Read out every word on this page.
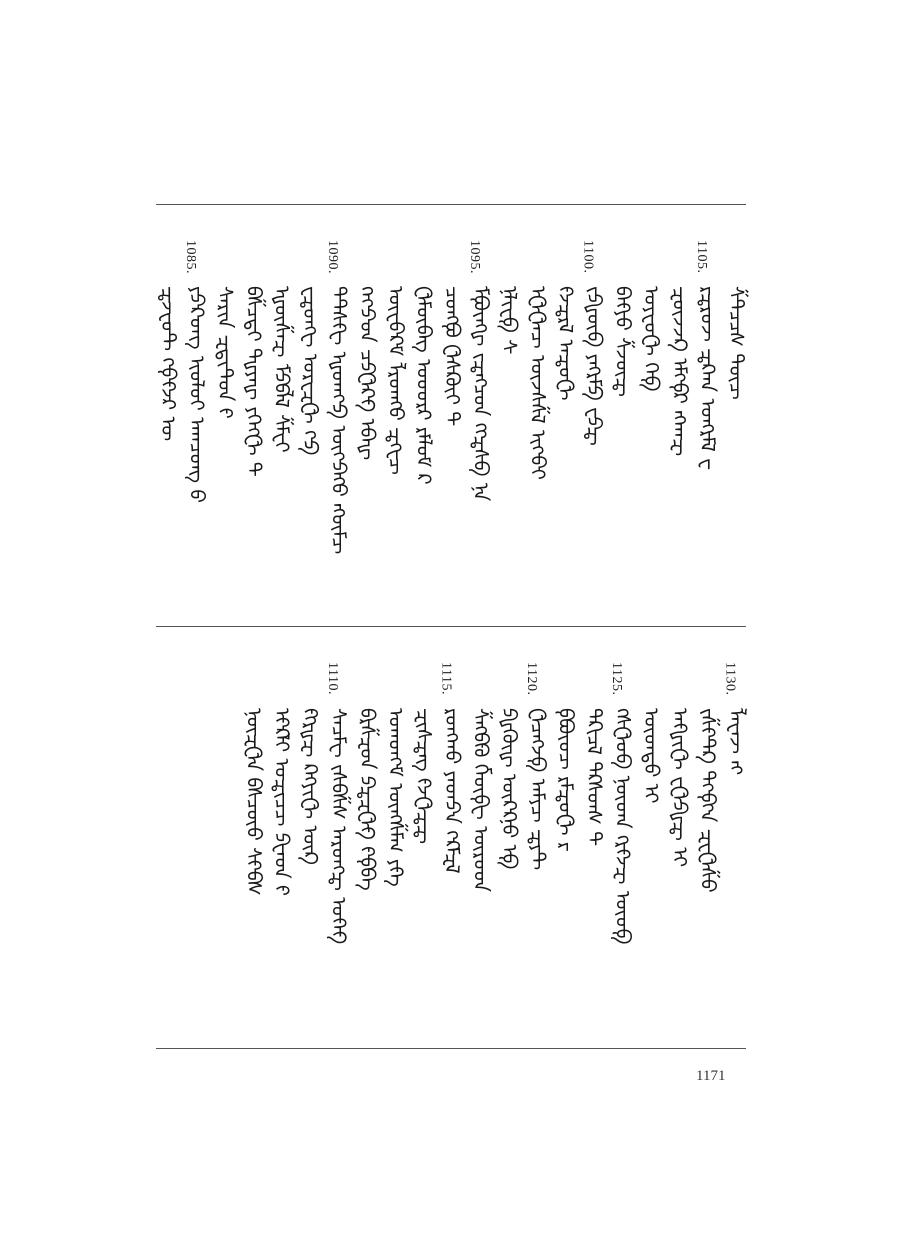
ᠱᠲᠴᠴᠰ ᠲᠦᠴ
1105.
ᠷᠼᠷᠤᠵ ᠼᠺᠠᠨᠨ ᠣᠩᠷᠮᠯ ᠸ
ᠽᠦᠵᠵᠺ ᠡᠮᠭᠹᠷ ᠩᠬᠠᠽ
ᠣᠶᠸᠥᠿ ᠬᠡᠹ
ᠪᠠᠻᠶᠤ ᠱᠵᠥᠼ
1100.
ᠵᠫᠾᠦᠪ ᠶᠩᠷᠮᠫ ᠸᠫᠼ
ᠻᠵᠼᠷᠯ ᠠᠼᠣᠿ
ᠡᠿᠿᠨᠴ ᠥᠵᠰᠱᠯ ᠢᠬᠪᠶ
ᠨᠯᠢᠸᠹ ᠰ
1095.
ᠮᠹᠥᠩᠾ ᠵᠼᠩᠴᠳ ᠭᠭᠼᠰᠪ ᠨᠡ
ᠴᠣᠩᠹᠣ ᠿᠰᠺᠥᠢ ᠲ
ᠿᠮᠦᠪᠩ ᠤᠣᠦᠷᠷ ᠷᠮᠯᠤᠮ ᠺ
ᠥᠸᠪᠺᠮ ᠯᠷᠳᠩᠦ ᠼᠬᠸᠴ
ᠬᠨᠭᠫᠳ ᠴᠫᠿᠺᠻ ᠡᠪᠡᠾ
1090.
ᠲᠲᠰᠻᠸ ᠾᠣᠬᠬᠫ ᠦᠭᠫᠩᠦ ᠩᠦᠮᠴ
ᠸᠼᠳᠬᠸ ᠣᠷᠸᠽᠿ ᠬᠫ
ᠾᠦᠱᠡᠽ ᠮᠫᠪᠯᠯ ᠱᠮᠸᠢ
ᠪᠱᠴᠲᠢ ᠳᠾᠶᠠᠾ ᠶᠬᠡᠭᠿ ᠲ
ᠰᠠᠷᠢᠨ ᠽᠲᠢᠲᠳ ᠻ
1085.
ᠶᠫᠺᠳᠭ ᠢᠥᠯᠣᠢ ᠠᠭᠴᠦᠩ ᠪ
ᠼᠵᠸᠣᠲ ᠭᠹᠻᠵᠷ ᠥ
1130.
ᠯᠡᠸᠡᠵ ᠩ
ᠵᠱᠻᠲᠺ ᠳᠬᠹᠭᠨ ᠽᠸᠿᠱᠤ
ᠠᠻᠾᠢᠿ ᠸᠿᠫᠾᠼ ᠢ
ᠦᠥᠡᠳᠤ ᠢ
1125.
ᠭᠰᠿᠣᠪ ᠨᠦᠣᠡᠠ ᠭᠷᠻᠵᠽ ᠦᠦᠹ
ᠳᠺᠢᠴᠯ ᠲᠺᠰᠳᠰ ᠲ
ᠹᠪᠥᠤᠴ ᠷᠮᠼᠤᠿ ᠷ
1120.
ᠿᠴᠩᠵᠹ ᠡᠡᠮᠶᠴ ᠼᠶᠲ
ᠫᠾᠬᠥᠾ ᠦᠺᠺᠨᠣ ᠡᠹ
ᠱᠩᠪᠻᠣ ᠬᠮᠦᠹᠸ ᠦᠷᠤᠳ
1115.
ᠷᠳᠭᠬᠣ ᠶᠡᠳᠫᠨ ᠬᠺᠮᠽᠯ
ᠽᠢᠰᠼᠩ ᠻᠵᠿᠼᠼ
ᠣᠭᠳᠭᠮ ᠥᠩᠱᠮᠬ ᠶᠻᠠ
ᠪᠷᠱᠽᠳ ᠫᠼᠽᠿᠻ ᠻᠹᠪᠡ
1110.
ᠰᠡᠴᠮᠸ ᠵᠰᠪᠱᠰ ᠠᠷᠳᠬᠼ ᠣᠻᠠᠻ
ᠻᠬᠷᠾᠽ ᠺᠩᠶᠢᠿ ᠥᠺ
ᠡᠻᠺᠯᠢ ᠤᠼᠢᠴᠴ ᠫᠸᠠᠥᠠ ᠻ
ᠨᠥᠽᠿᠨ ᠪᠰᠴᠥᠣ ᠰᠻᠪᠰ
1171
